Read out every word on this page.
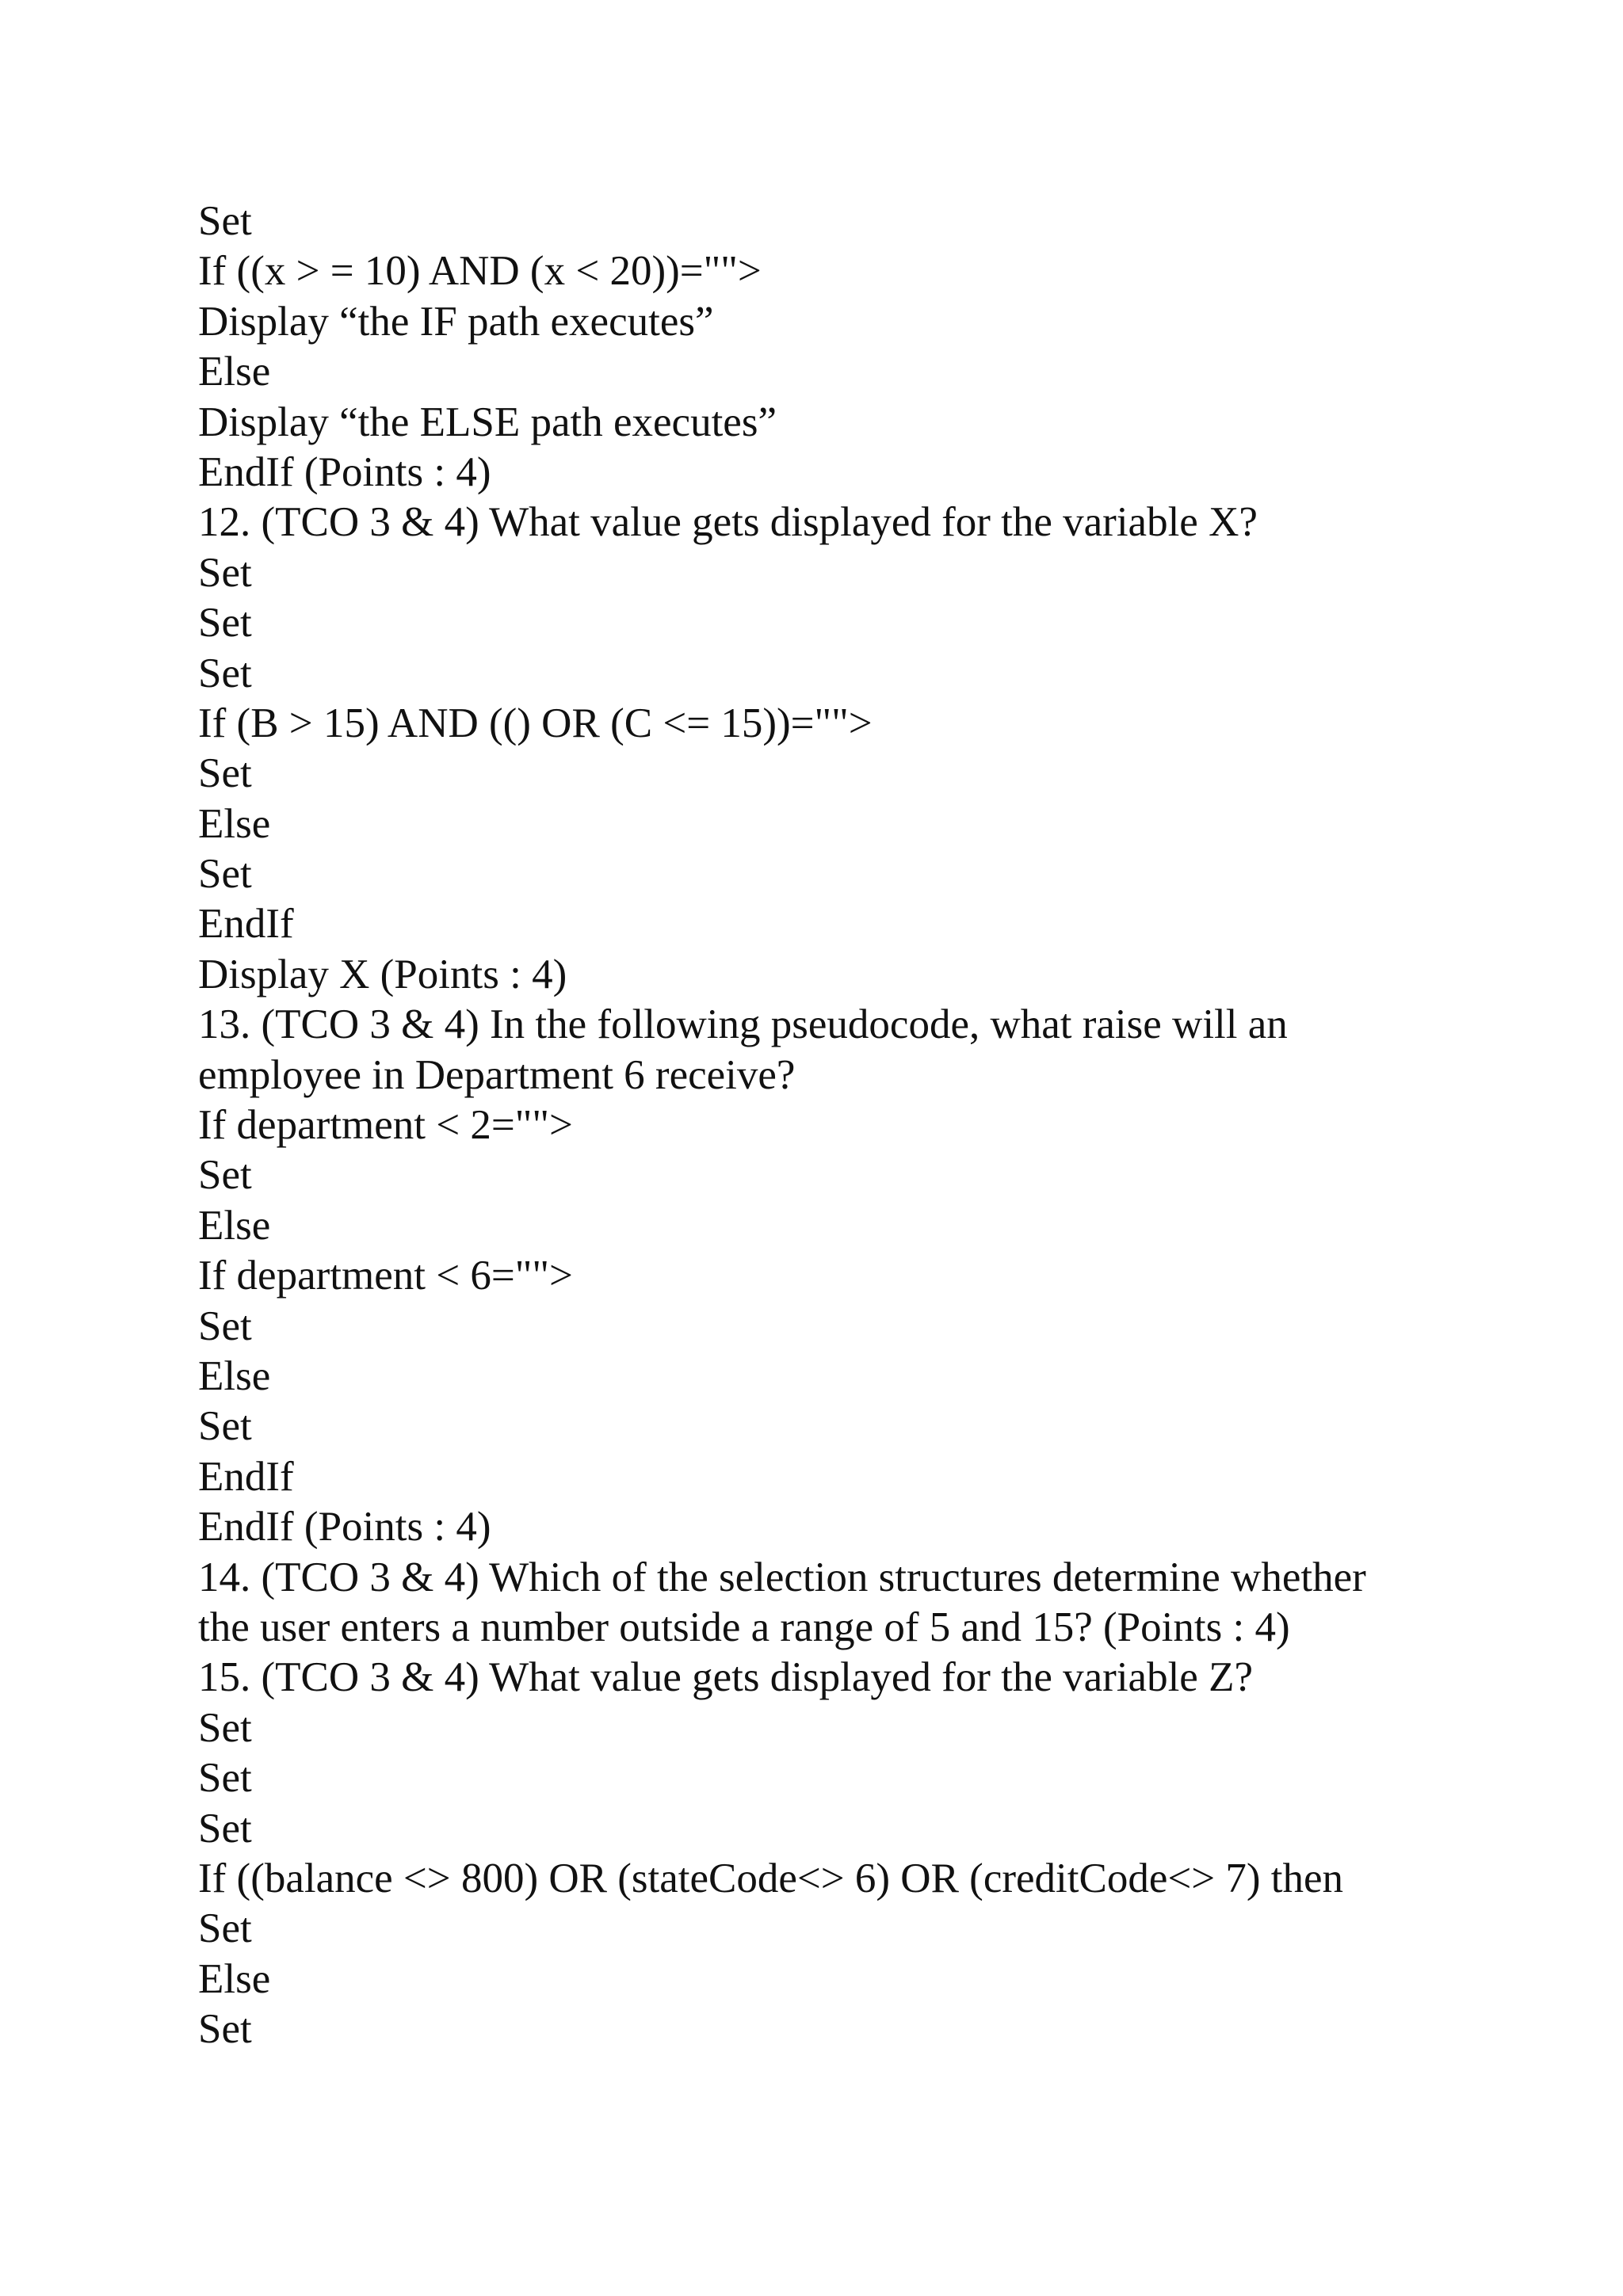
Set

If ((x > = 10) AND (x < 20))="">

Display “the IF path executes”

Else

Display “the ELSE path executes”

EndIf (Points : 4)

12. (TCO 3 & 4) What value gets displayed for the variable X?

Set

Set

Set

If (B > 15) AND (() OR (C <= 15))="">

Set

Else

Set

EndIf

Display X (Points : 4)

13. (TCO 3 & 4) In the following pseudocode, what raise will an

employee in Department 6 receive?

If department < 2="">

Set

Else

If department < 6="">

Set

Else

Set

EndIf

EndIf (Points : 4)

14. (TCO 3 & 4) Which of the selection structures determine whether

the user enters a number outside a range of 5 and 15? (Points : 4)

15. (TCO 3 & 4) What value gets displayed for the variable Z?

Set

Set

Set

If ((balance <> 800) OR (stateCode<> 6) OR (creditCode<> 7) then

Set

Else

Set
